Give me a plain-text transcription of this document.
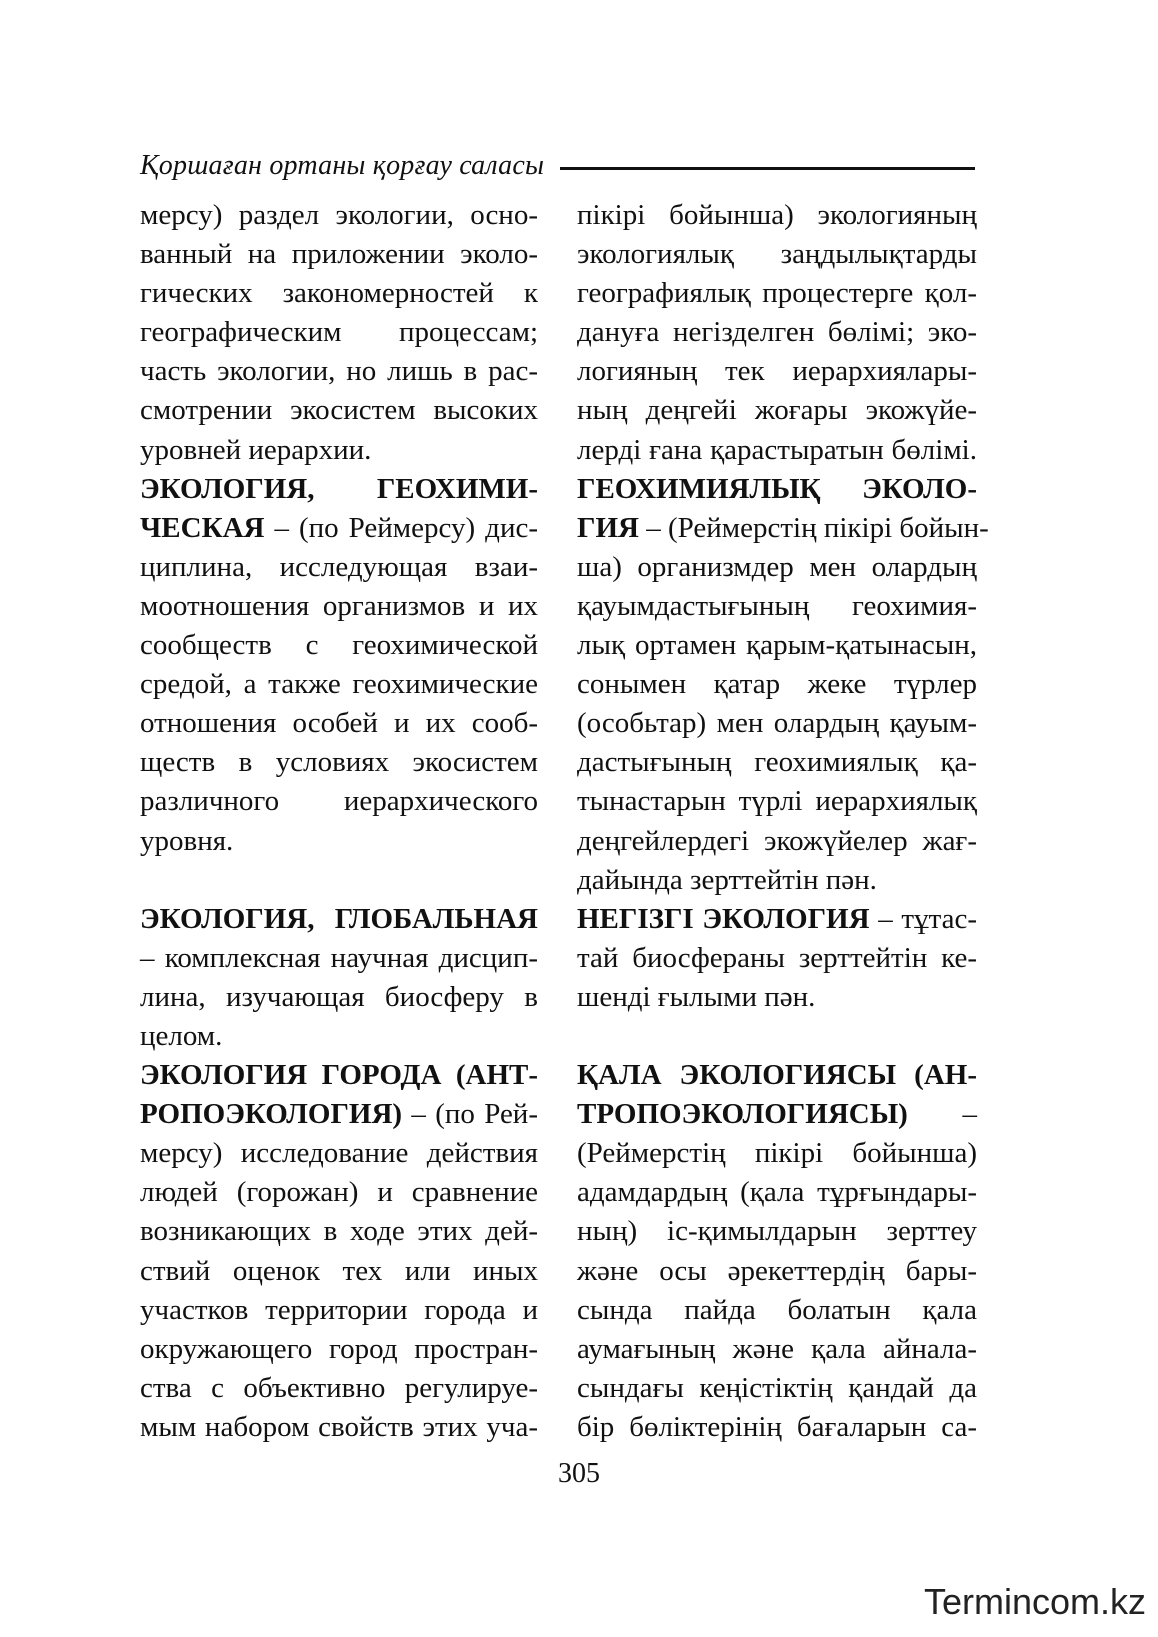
Қоршаған ортаны қорғау саласы
мерсу) раздел экологии, осно-
ванный на приложении эколо-
гических закономерностей к
географическим процессам;
часть экологии, но лишь в рас-
смотрении экосистем высоких
уровней иерархии.
ЭКОЛОГИЯ, ГЕОХИМИ-
ЧЕСКАЯ – (по Реймерсу) дис-
циплина, исследующая взаи-
моотношения организмов и их
сообществ с геохимической
средой, а также геохимические
отношения особей и их сооб-
ществ в условиях экосистем
различного иерархического
уровня.
ЭКОЛОГИЯ, ГЛОБАЛЬНАЯ
– комплексная научная дисцип-
лина, изучающая биосферу в
целом.
ЭКОЛОГИЯ ГОРОДА (АНТ-
РОПОЭКОЛОГИЯ) – (по Рей-
мерсу) исследование действия
людей (горожан) и сравнение
возникающих в ходе этих дей-
ствий оценок тех или иных
участков территории города и
окружающего город простран-
ства с объективно регулируе-
мым набором свойств этих уча-
пікірі бойынша) экологияның
экологиялық заңдылықтарды
географиялық процестерге қол-
дануға негізделген бөлімі; эко-
логияның тек иерархиялары-
ның деңгейі жоғары экожүйе-
лерді ғана қарастыратын бөлімі.
ГЕОХИМИЯЛЫҚ ЭКОЛО-
ГИЯ – (Реймерстің пікірі бойын-
ша) организмдер мен олардың
қауымдастығының геохимия-
лық ортамен қарым-қатынасын,
сонымен қатар жеке түрлер
(особьтар) мен олардың қауым-
дастығының геохимиялық қа-
тынастарын түрлі иерархиялық
деңгейлердегі экожүйелер жағ-
дайында зерттейтін пән.
НЕГІЗГІ ЭКОЛОГИЯ – тұтас-
тай биосфераны зерттейтін ке-
шенді ғылыми пән.
ҚАЛА ЭКОЛОГИЯСЫ (АН-
ТРОПОЭКОЛОГИЯСЫ) –
(Реймерстің пікірі бойынша)
адамдардың (қала тұрғындары-
ның) іс-қимылдарын зерттеу
және осы әрекеттердің бары-
сында пайда болатын қала
аумағының және қала айнала-
сындағы кеңістіктің қандай да
бір бөліктерінің бағаларын са-
305
Termincom.kz
